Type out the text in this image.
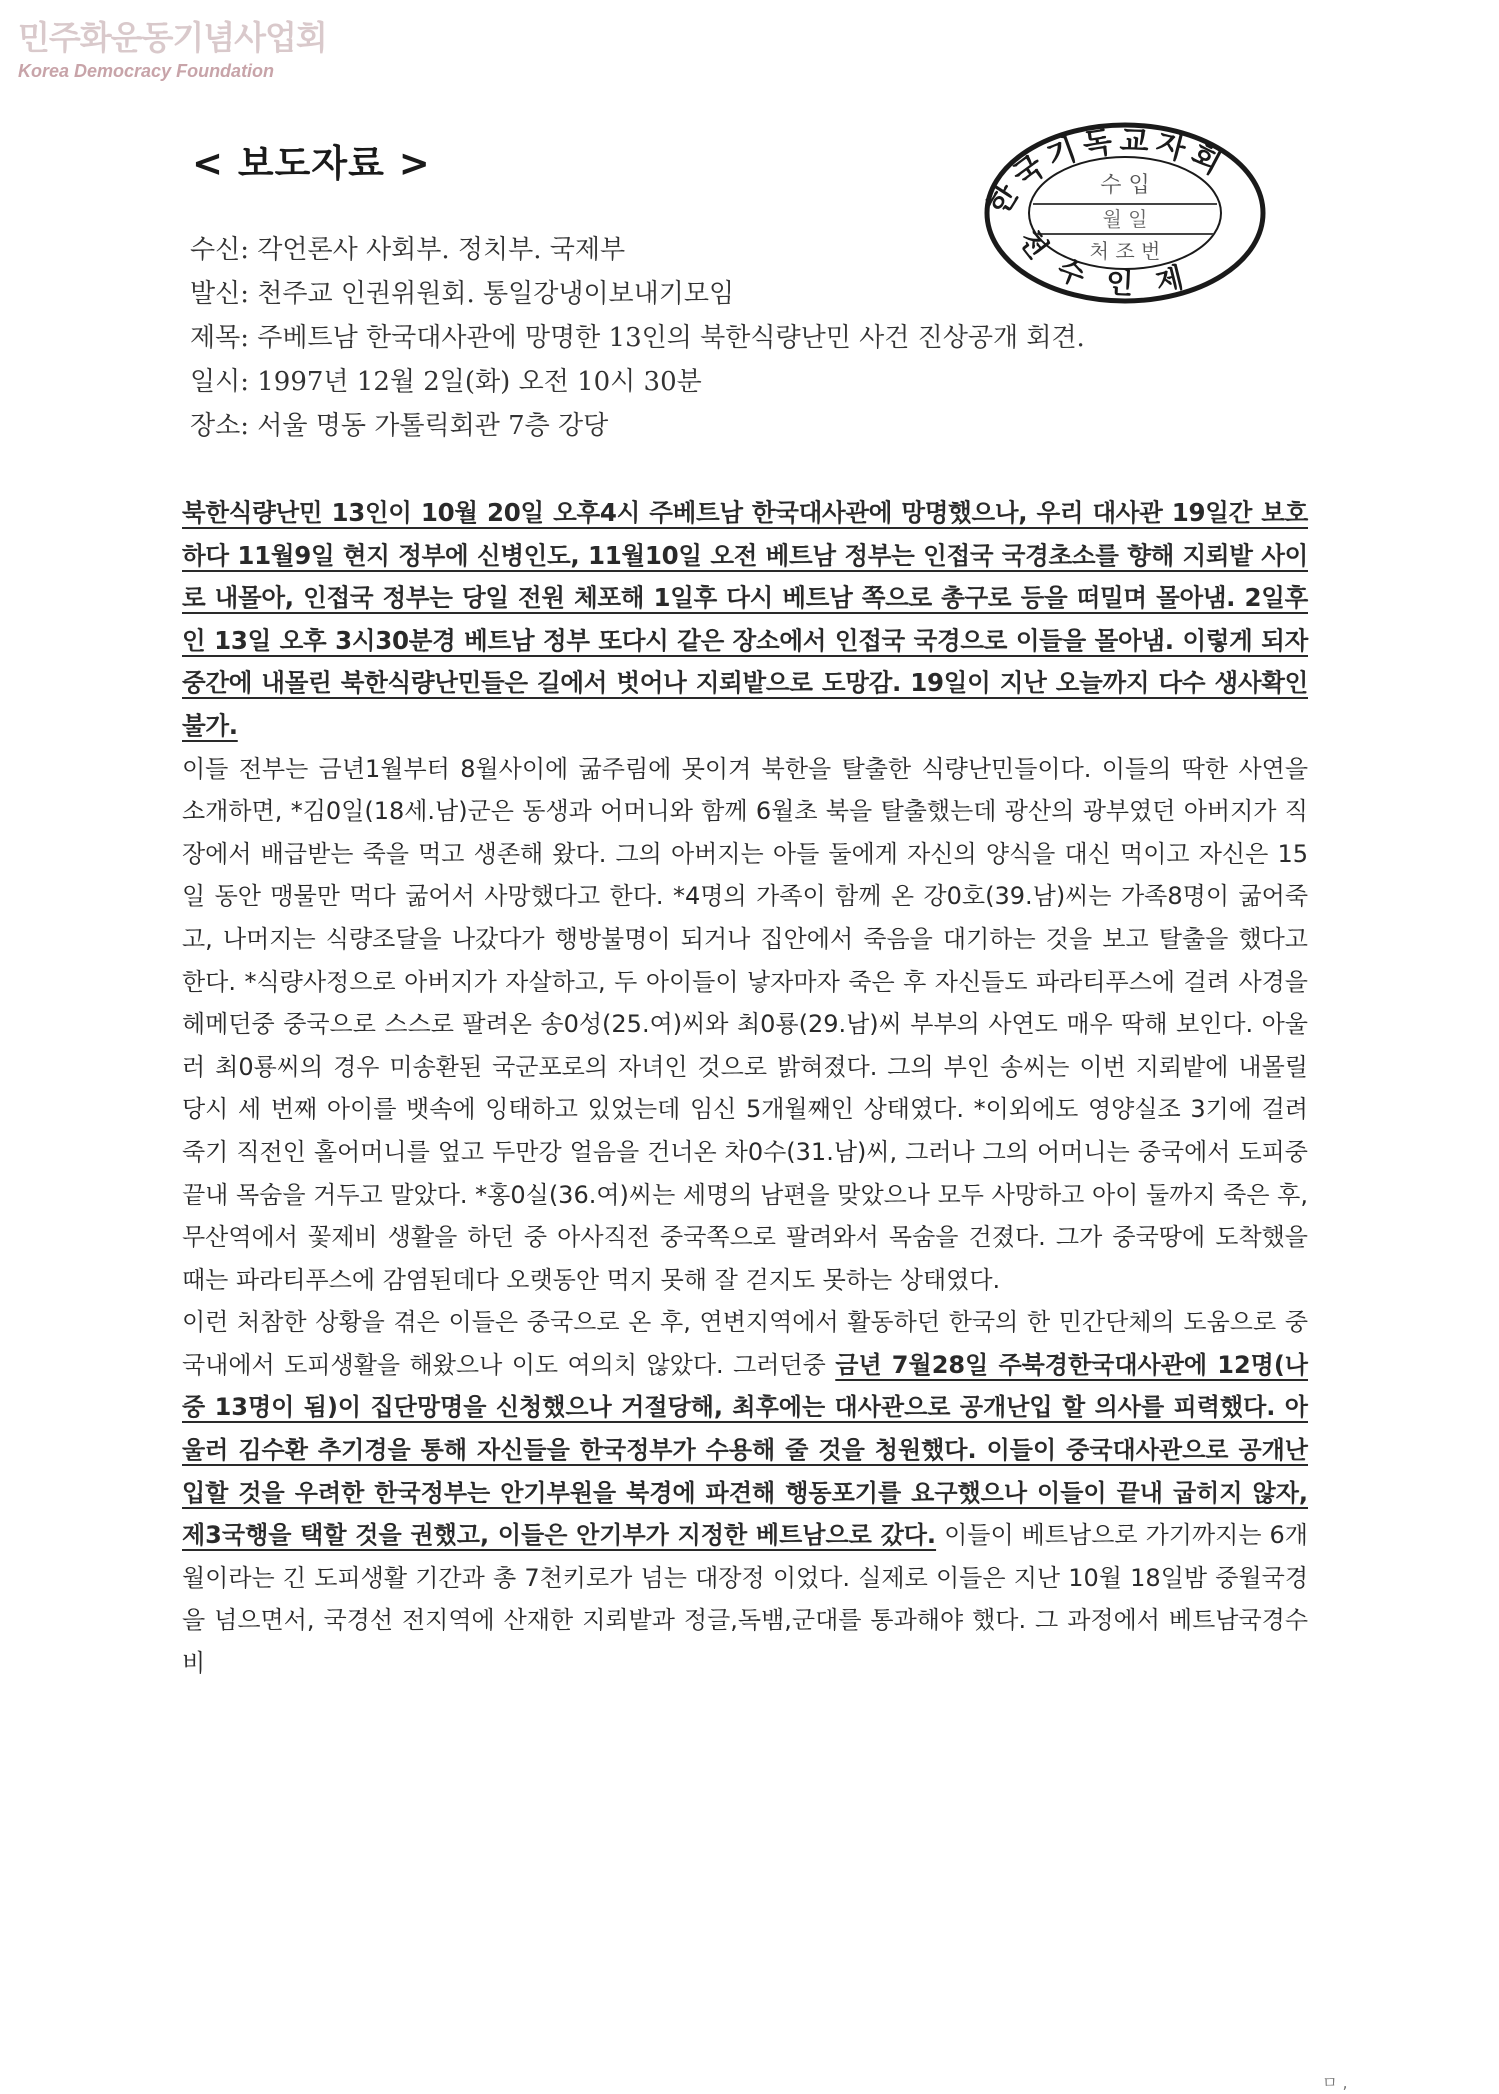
민주화운동기념사업회
Korea Democracy Foundation
한국기독교자회
수 입
월 일
처 조 번
천 수 인 제
< 보도자료 >
수신: 각언론사 사회부. 정치부. 국제부
발신: 천주교 인권위원회. 통일강냉이보내기모임
제목: 주베트남 한국대사관에 망명한 13인의 북한식량난민 사건 진상공개 회견.
일시: 1997년 12월 2일(화) 오전 10시 30분
장소: 서울 명동 가톨릭회관 7층 강당

북한식량난민 13인이 10월 20일 오후4시 주베트남 한국대사관에 망명했으나, 우리 대사관 19일간 보호하다 11월9일 현지 정부에 신병인도, 11월10일 오전 베트남 정부는 인접국 국경초소를 향해 지뢰밭 사이로 내몰아, 인접국 정부는 당일 전원 체포해 1일후 다시 베트남 쪽으로 총구로 등을 떠밀며 몰아냄. 2일후인 13일 오후 3시30분경 베트남 정부 또다시 같은 장소에서 인접국 국경으로 이들을 몰아냄. 이렇게 되자 중간에 내몰린 북한식량난민들은 길에서 벗어나 지뢰밭으로 도망감. 19일이 지난 오늘까지 다수 생사확인 불가.

이들 전부는 금년1월부터 8월사이에 굶주림에 못이겨 북한을 탈출한 식량난민들이다. 이들의 딱한 사연을 소개하면, *김0일(18세.남)군은 동생과 어머니와 함께 6월초 북을 탈출했는데 광산의 광부였던 아버지가 직장에서 배급받는 죽을 먹고 생존해 왔다. 그의 아버지는 아들 둘에게 자신의 양식을 대신 먹이고 자신은 15일 동안 맹물만 먹다 굶어서 사망했다고 한다. *4명의 가족이 함께 온 강0호(39.남)씨는 가족8명이 굶어죽고, 나머지는 식량조달을 나갔다가 행방불명이 되거나 집안에서 죽음을 대기하는 것을 보고 탈출을 했다고 한다. *식량사정으로 아버지가 자살하고, 두 아이들이 낳자마자 죽은 후 자신들도 파라티푸스에 걸려 사경을 헤메던중 중국으로 스스로 팔려온 송0성(25.여)씨와 최0룡(29.남)씨 부부의 사연도 매우 딱해 보인다. 아울러 최0룡씨의 경우 미송환된 국군포로의 자녀인 것으로 밝혀졌다. 그의 부인 송씨는 이번 지뢰밭에 내몰릴 당시 세 번째 아이를 뱃속에 잉태하고 있었는데 임신 5개월째인 상태였다. *이외에도 영양실조 3기에 걸려 죽기 직전인 홀어머니를 엎고 두만강 얼음을 건너온 차0수(31.남)씨, 그러나 그의 어머니는 중국에서 도피중 끝내 목숨을 거두고 말았다. *홍0실(36.여)씨는 세명의 남편을 맞았으나 모두 사망하고 아이 둘까지 죽은 후, 무산역에서 꽃제비 생활을 하던 중 아사직전 중국쪽으로 팔려와서 목숨을 건졌다. 그가 중국땅에 도착했을 때는 파라티푸스에 감염된데다 오랫동안 먹지 못해 잘 걷지도 못하는 상태였다.

이런 처참한 상황을 겪은 이들은 중국으로 온 후, 연변지역에서 활동하던 한국의 한 민간단체의 도움으로 중국내에서 도피생활을 해왔으나 이도 여의치 않았다. 그러던중 금년 7월28일 주북경한국대사관에 12명(나중 13명이 됨)이 집단망명을 신청했으나 거절당해, 최후에는 대사관으로 공개난입 할 의사를 피력했다. 아울러 김수환 추기경을 통해 자신들을 한국정부가 수용해 줄 것을 청원했다. 이들이 중국대사관으로 공개난입할 것을 우려한 한국정부는 안기부원을 북경에 파견해 행동포기를 요구했으나 이들이 끝내 굽히지 않자, 제3국행을 택할 것을 권했고, 이들은 안기부가 지정한 베트남으로 갔다. 이들이 베트남으로 가기까지는 6개월이라는 긴 도피생활 기간과 총 7천키로가 넘는 대장정 이었다. 실제로 이들은 지난 10월 18일밤 중월국경을 넘으면서, 국경선 전지역에 산재한 지뢰밭과 정글,독뱀,군대를 통과해야 했다. 그 과정에서 베트남국경수비

ㅁ ,
